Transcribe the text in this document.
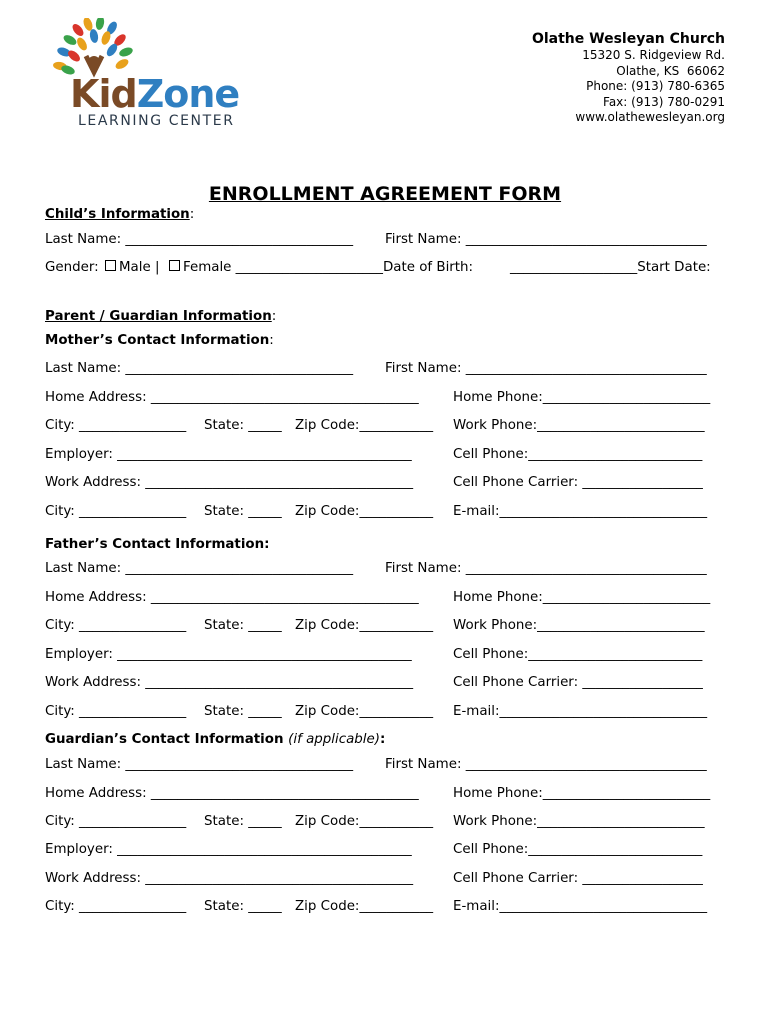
KidZone
LEARNING CENTER
Olathe Wesleyan Church
15320 S. Ridgeview Rd.
Olathe, KS  66062
Phone: (913) 780-6365
Fax: (913) 780-0291
www.olathewesleyan.org
ENROLLMENT AGREEMENT FORM
Child’s Information:
Last Name: __________________________________ First Name: ____________________________________
Gender:	Male |	Female ______________________Date of Birth:	___________________Start Date:
Parent / Guardian Information:
Mother’s Contact Information:
Last Name: __________________________________ First Name: ____________________________________
Home Address: ________________________________________	Home Phone:_________________________
City: ________________ State: _____ Zip Code:___________ Work Phone:_________________________
Employer: ____________________________________________	Cell Phone:__________________________
Work Address: ________________________________________	Cell Phone Carrier: __________________
City: ________________ State: _____ Zip Code:___________ E-mail:_______________________________
Father’s Contact Information:
Last Name: __________________________________ First Name: ____________________________________
Home Address: ________________________________________	Home Phone:_________________________
City: ________________ State: _____ Zip Code:___________ Work Phone:_________________________
Employer: ____________________________________________	Cell Phone:__________________________
Work Address: ________________________________________	Cell Phone Carrier: __________________
City: ________________ State: _____ Zip Code:___________ E-mail:_______________________________
Guardian’s Contact Information (if applicable):
Last Name: __________________________________ First Name: ____________________________________
Home Address: ________________________________________	Home Phone:_________________________
City: ________________ State: _____ Zip Code:___________ Work Phone:_________________________
Employer: ____________________________________________	Cell Phone:__________________________
Work Address: ________________________________________	Cell Phone Carrier: __________________
City: ________________ State: _____ Zip Code:___________ E-mail:_______________________________
